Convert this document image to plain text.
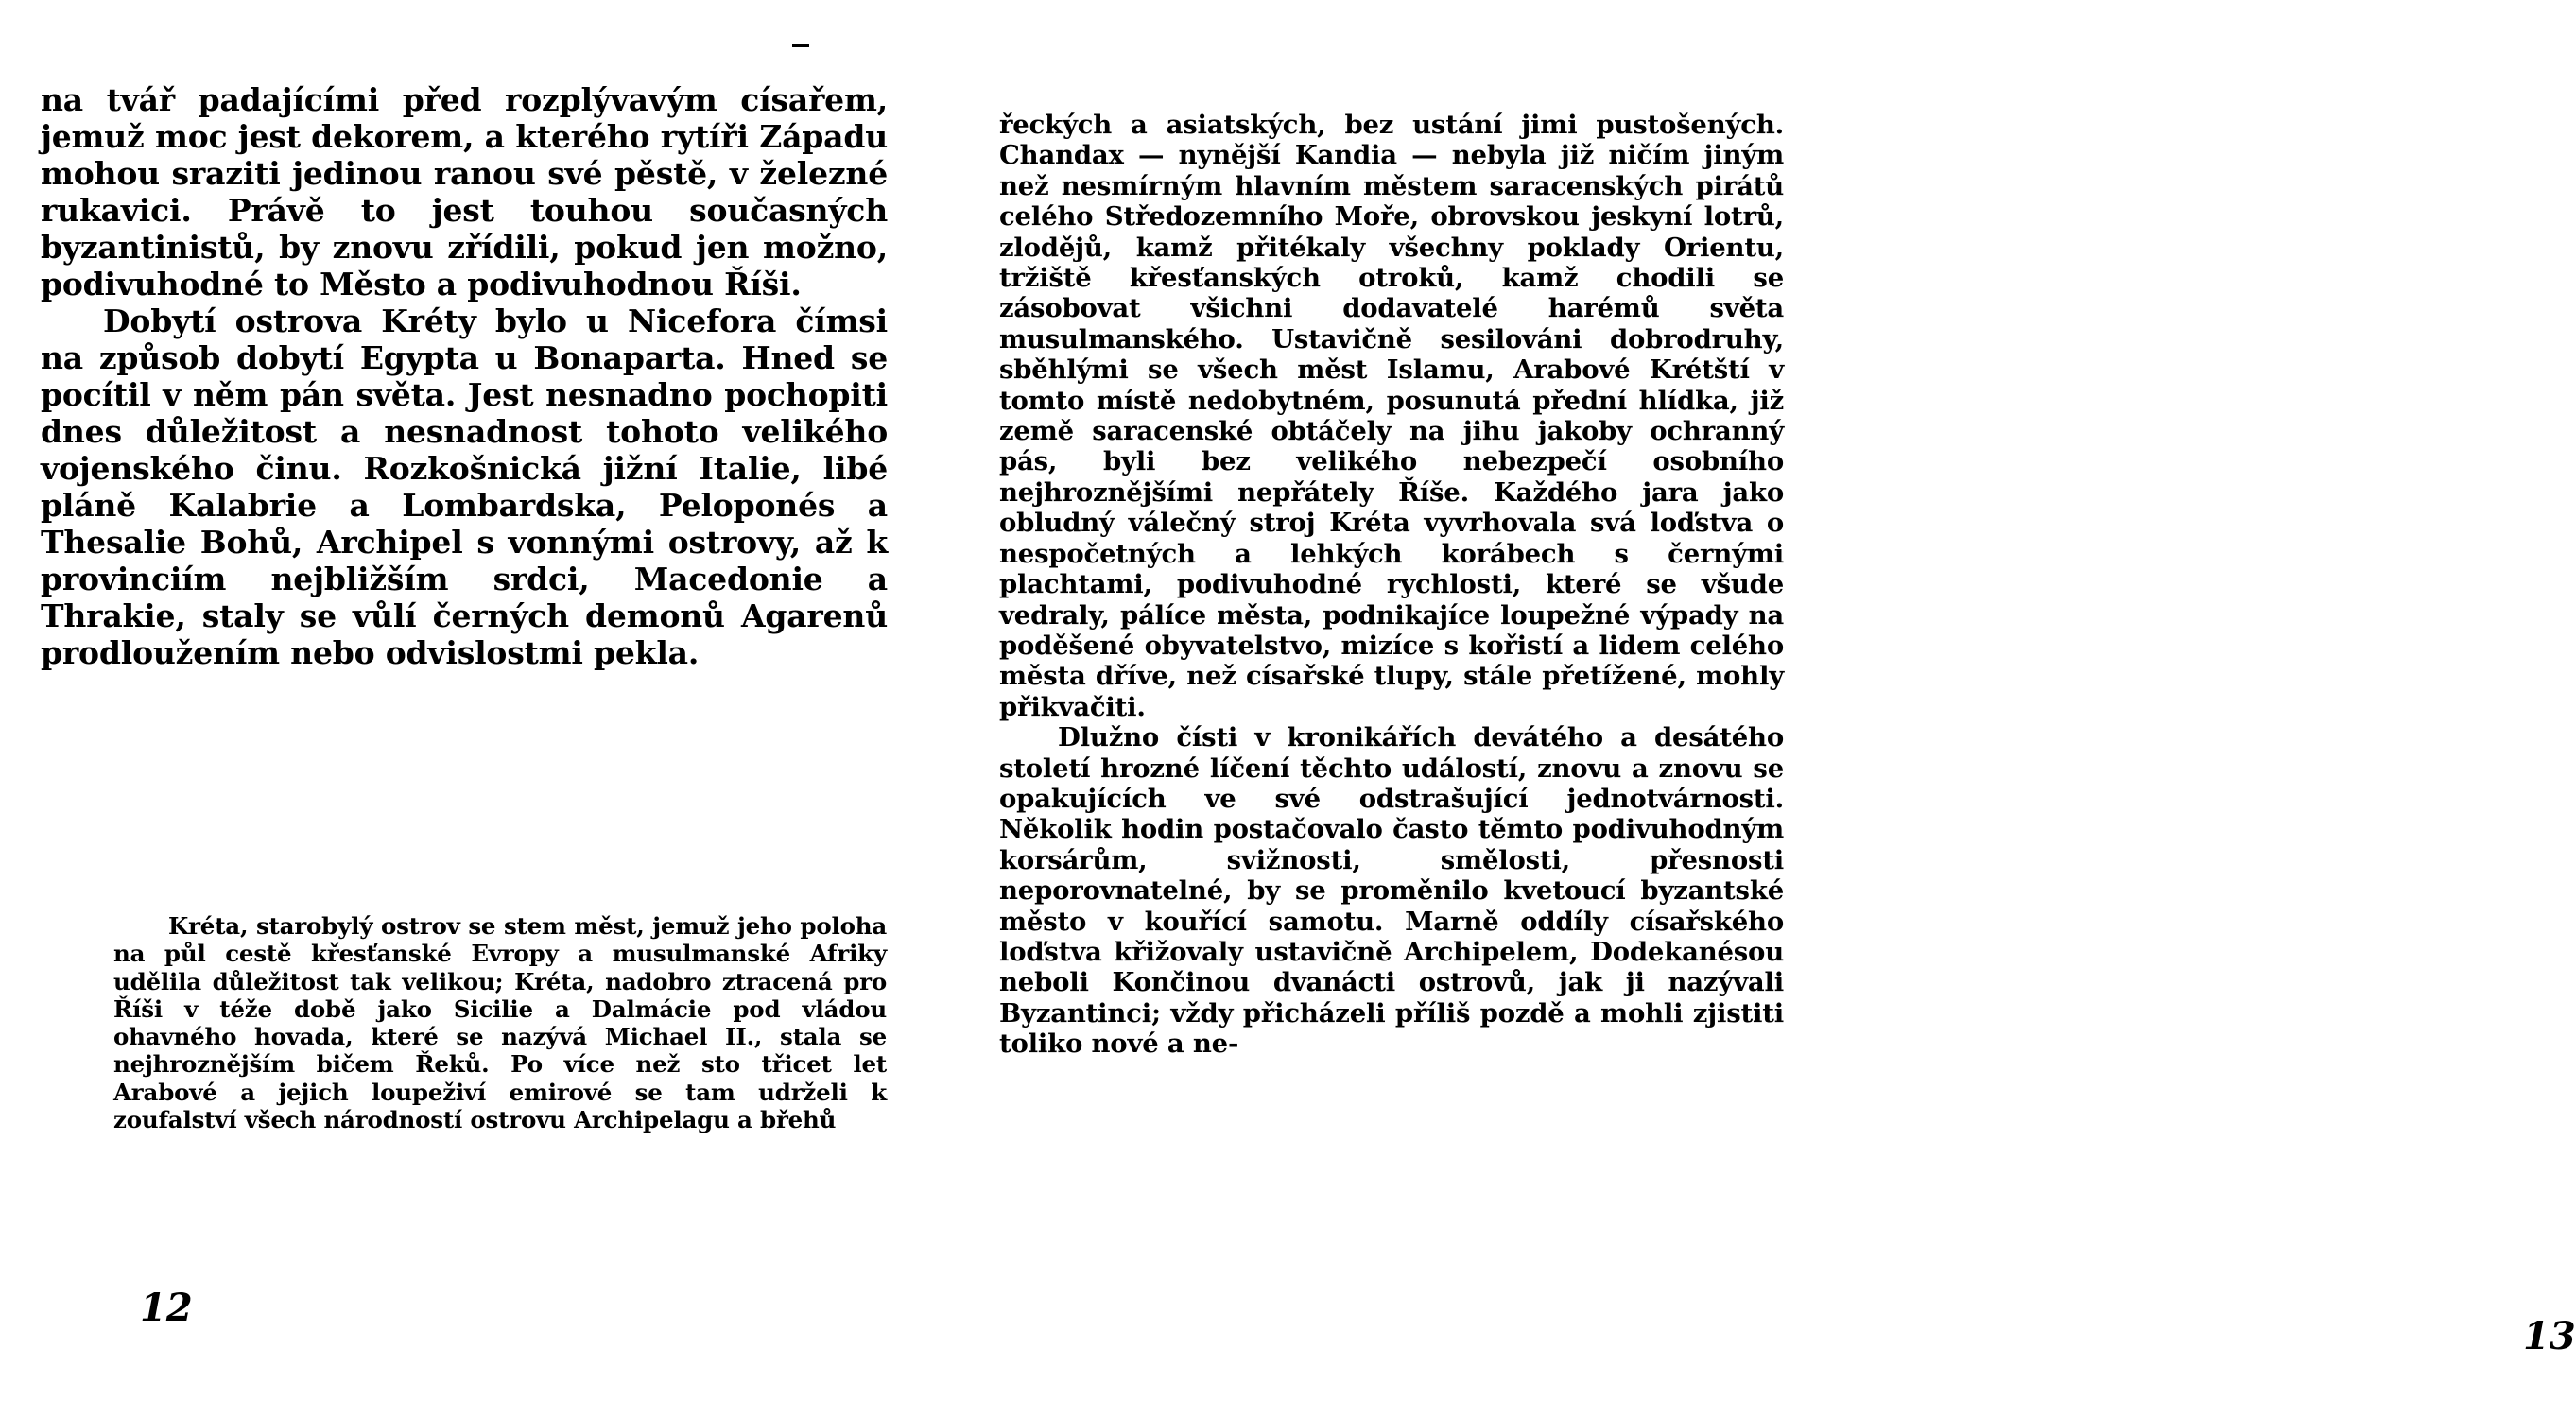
na tvář padajícími před rozplývavým císařem, jemuž moc jest dekorem, a kterého rytíři Západu mohou sraziti jedinou ranou své pěstě, v železné rukavici. Právě to jest touhou současných byzantinistů, by znovu zřídili, pokud jen možno, podivuhodné to Město a podivuhodnou Říši.

Dobytí ostrova Kréty bylo u Nicefora čímsi na způsob dobytí Egypta u Bonaparta. Hned se pocítil v něm pán světa. Jest nesnadno pochopiti dnes důležitost a nesnadnost tohoto velikého vojenského činu. Rozkošnická jižní Italie, libé pláně Kalabrie a Lombardska, Peloponés a Thesalie Bohů, Archipel s vonnými ostrovy, až k provinciím nejbližším srdci, Macedonie a Thrakie, staly se vůlí černých demonů Agarenů prodloužením nebo odvislostmi pekla.

Kréta, starobylý ostrov se stem měst, jemuž jeho poloha na půl cestě křesťanské Evropy a musulmanské Afriky udělila důležitost tak velikou; Kréta, nadobro ztracená pro Říši v téže době jako Sicilie a Dalmácie pod vládou ohavného hovada, které se nazývá Michael II., stala se nejhroznějším bičem Řeků. Po více než sto třicet let Arabové a jejich loupeživí emirové se tam udrželi k zoufalství všech národností ostrovu Archipelagu a břehů

12

řeckých a asiatských, bez ustání jimi pustošených. Chandax — nynější Kandia — nebyla již ničím jiným než nesmírným hlavním městem saracenských pirátů celého Středozemního Moře, obrovskou jeskyní lotrů, zlodějů, kamž přitékaly všechny poklady Orientu, tržiště křesťanských otroků, kamž chodili se zásobovat všichni dodavatelé harémů světa musulmanského. Ustavičně sesilováni dobrodruhy, sběhlými se všech měst Islamu, Arabové Krétští v tomto místě nedobytném, posunutá přední hlídka, již země saracenské obtáčely na jihu jakoby ochranný pás, byli bez velikého nebezpečí osobního nejhroznějšími nepřátely Říše. Každého jara jako obludný válečný stroj Kréta vyvrhovala svá loďstva o nespočetných a lehkých korábech s černými plachtami, podivuhodné rychlosti, které se všude vedraly, pálíce města, podnikajíce loupežné výpady na poděšené obyvatelstvo, mizíce s kořistí a lidem celého města dříve, než císařské tlupy, stále přetížené, mohly přikvačiti.

Dlužno čísti v kronikářích devátého a desátého století hrozné líčení těchto událostí, znovu a znovu se opakujících ve své odstrašující jednotvárnosti. Několik hodin postačovalo často těmto podivuhodným korsárům, svižnosti, smělosti, přesnosti neporovnatelné, by se proměnilo kvetoucí byzantské město v kouřící samotu. Marně oddíly císařského loďstva křižovaly ustavičně Archipelem, Dodekanésou neboli Končinou dvanácti ostrovů, jak ji nazývali Byzantinci; vždy přicházeli příliš pozdě a mohli zjistiti toliko nové a ne-

13
